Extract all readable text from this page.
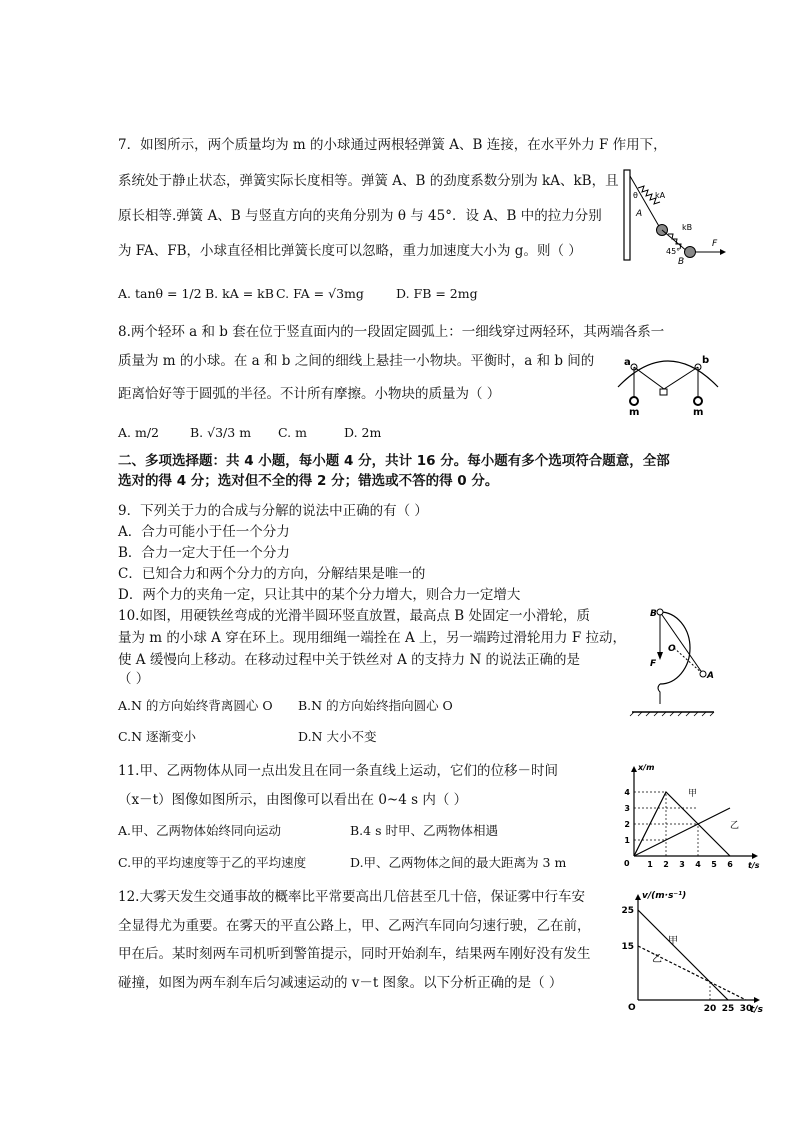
7．如图所示，两个质量均为 m 的小球通过两根轻弹簧 A、B 连接，在水平外力 F 作用下，
系统处于静止状态，弹簧实际长度相等。弹簧 A、B 的劲度系数分别为 kA、kB，且
原长相等.弹簧 A、B 与竖直方向的夹角分别为 θ 与 45°．设 A、B 中的拉力分别
为 FA、FB，小球直径相比弹簧长度可以忽略，重力加速度大小为 g。则（ ）
A. tanθ = 1/2 B. kA = kB C. FA = √3mg	D. FB = 2mg
θ kA
A
kB
45°
B
F
8.两个轻环 a 和 b 套在位于竖直面内的一段固定圆弧上：一细线穿过两轻环，其两端各系一
质量为 m 的小球。在 a 和 b 之间的细线上悬挂一小物块。平衡时，a 和 b 间的
距离恰好等于圆弧的半径。不计所有摩擦。小物块的质量为（ ）
A. m/2 B. √3/3 m C. m	D. 2m
a	b
m	m
二、多项选择题：共 4 小题，每小题 4 分，共计 16 分。每小题有多个选项符合题意，全部
选对的得 4 分；选对但不全的得 2 分；错选或不答的得 0 分。
9．下列关于力的合成与分解的说法中正确的有（ ）
A．合力可能小于任一个分力
B．合力一定大于任一个分力
C．已知合力和两个分力的方向，分解结果是唯一的
D．两个力的夹角一定，只让其中的某个分力增大，则合力一定增大
10.如图，用硬铁丝弯成的光滑半圆环竖直放置，最高点 B 处固定一小滑轮，质
量为 m 的小球 A 穿在环上。现用细绳一端拴在 A 上，另一端跨过滑轮用力 F 拉动，
使 A 缓慢向上移动。在移动过程中关于铁丝对 A 的支持力 N 的说法正确的是
（ ）
A.N 的方向始终背离圆心 O B.N 的方向始终指向圆心 O
C.N 逐渐变小	D.N 大小不变
B
O
A
F
11.甲、乙两物体从同一点出发且在同一条直线上运动，它们的位移－时间
（x－t）图像如图所示，由图像可以看出在 0~4 s 内（ ）
A.甲、乙两物体始终同向运动	B.4 s 时甲、乙两物体相遇
C.甲的平均速度等于乙的平均速度	D.甲、乙两物体之间的最大距离为 3 m
x/m
t/s
0
1
2
3
4
1 2 3 4 5 6
甲
乙
12.大雾天发生交通事故的概率比平常要高出几倍甚至几十倍，保证雾中行车安
全显得尤为重要。在雾天的平直公路上，甲、乙两汽车同向匀速行驶，乙在前，
甲在后。某时刻两车司机听到警笛提示，同时开始刹车，结果两车刚好没有发生
碰撞，如图为两车刹车后匀减速运动的 v－t 图象。以下分析正确的是（ ）
v/(m·s⁻¹)
t/s
O
15
25
20 25 30
甲
乙
